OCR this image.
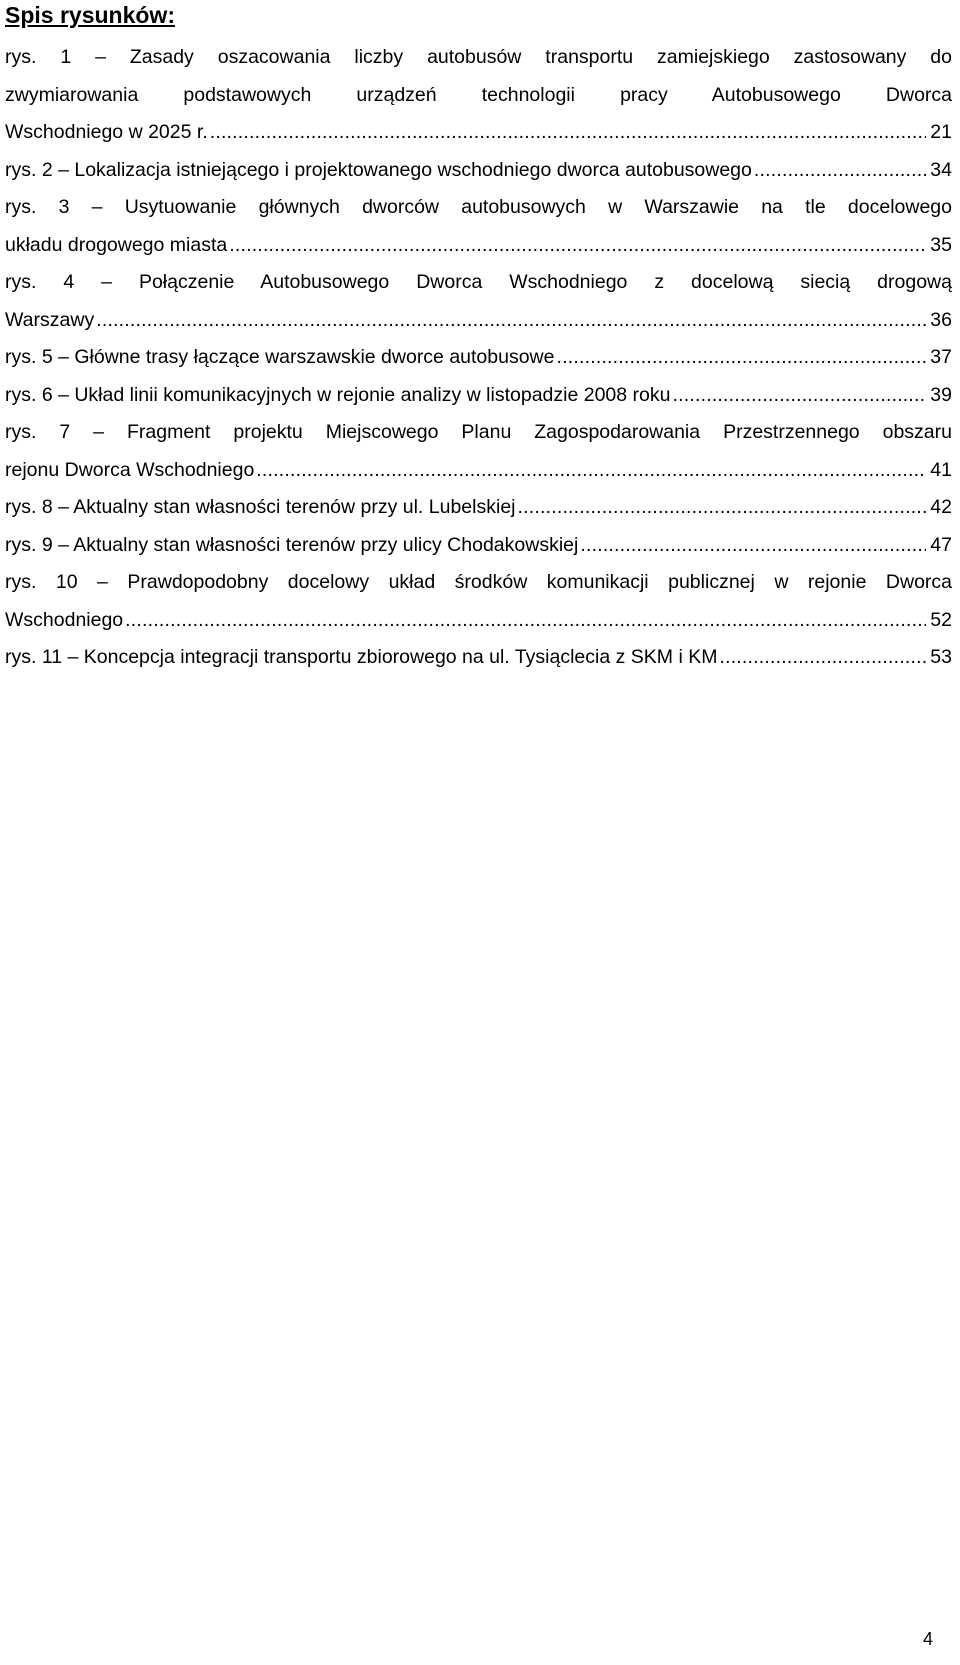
Spis rysunków:
rys. 1 – Zasady oszacowania liczby autobusów transportu zamiejskiego zastosowany do
zwymiarowania podstawowych urządzeń technologii pracy Autobusowego Dworca
Wschodniego w 2025 r. .....	21
rys. 2 – Lokalizacja istniejącego i projektowanego wschodniego dworca autobusowego .....	34
rys. 3 – Usytuowanie głównych dworców autobusowych w Warszawie na tle docelowego
układu drogowego miasta .....	35
rys. 4 – Połączenie Autobusowego Dworca Wschodniego z docelową siecią drogową
Warszawy .....	36
rys. 5 – Główne trasy łączące warszawskie dworce autobusowe .....	37
rys. 6 – Układ linii komunikacyjnych w rejonie analizy w listopadzie 2008 roku .....	39
rys. 7 – Fragment projektu Miejscowego Planu Zagospodarowania Przestrzennego obszaru
rejonu Dworca Wschodniego .....	41
rys. 8 – Aktualny stan własności terenów przy ul. Lubelskiej .....	42
rys. 9 – Aktualny stan własności terenów przy ulicy Chodakowskiej .....	47
rys. 10 – Prawdopodobny docelowy układ środków komunikacji publicznej w rejonie Dworca
Wschodniego .....	52
rys. 11 – Koncepcja integracji transportu zbiorowego na ul. Tysiąclecia z SKM i KM .....	53
4
